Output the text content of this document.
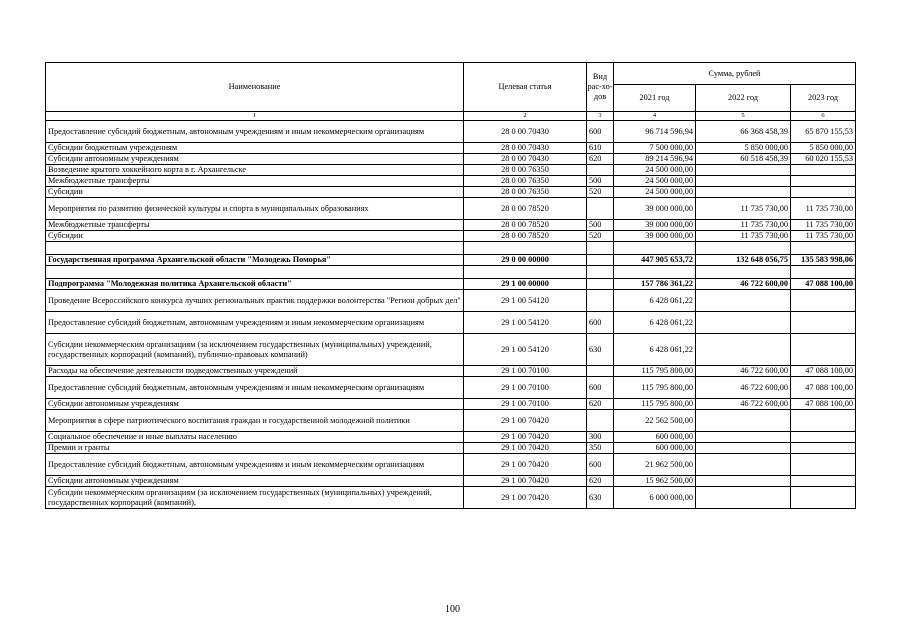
Наименование	Целевая статья	Вид рас-хо-дов	Сумма, рублей		
			2021 год	2022 год	2023 год
1	2	3	4	5	6
Предоставление субсидий бюджетным, автономным учреждениям и иным некоммерческим организациям	28 0 00 70430	600	96 714 596,94	66 368 458,39	65 870 155,53
Субсидии бюджетным учреждениям	28 0 00 70430	610	7 500 000,00	5 850 000,00	5 850 000,00
Субсидии автономным учреждениям	28 0 00 70430	620	89 214 596,94	60 518 458,39	60 020 155,53
Возведение крытого хоккейного корта в г. Архангельске	28 0 00 76350		24 500 000,00		
Межбюджетные трансферты	28 0 00 76350	500	24 500 000,00		
Субсидии	28 0 00 76350	520	24 500 000,00		
Мероприятия по развитию физической культуры и спорта в муниципальных образованиях	28 0 00 78520		39 000 000,00	11 735 730,00	11 735 730,00
Межбюджетные трансферты	28 0 00 78520	500	39 000 000,00	11 735 730,00	11 735 730,00
Субсидии	28 0 00 78520	520	39 000 000,00	11 735 730,00	11 735 730,00

Государственная программа Архангельской области "Молодежь Поморья"	29 0 00 00000		447 905 653,72	132 648 056,75	135 583 998,06

Подпрограмма "Молодежная политика Архангельской области"	29 1 00 00000		157 786 361,22	46 722 600,00	47 088 100,00
Проведение Всероссийского конкурса лучших региональных практик поддержки волонтерства "Регион добрых дел"	29 1 00 54120		6 428 061,22		
Предоставление субсидий бюджетным, автономным учреждениям и иным некоммерческим организациям	29 1 00 54120	600	6 428 061,22		
Субсидии некоммерческим организациям (за исключением государственных (муниципальных) учреждений, государственных корпораций (компаний), публично-правовых компаний)	29 1 00 54120	630	6 428 061,22		
Расходы на обеспечение деятельности подведомственных учреждений	29 1 00 70100		115 795 800,00	46 722 600,00	47 088 100,00
Предоставление субсидий бюджетным, автономным учреждениям и иным некоммерческим организациям	29 1 00 70100	600	115 795 800,00	46 722 600,00	47 088 100,00
Субсидии автономным учреждениям	29 1 00 70100	620	115 795 800,00	46 722 600,00	47 088 100,00
Мероприятия в сфере патриотического воспитания граждан и государственной молодежной политики	29 1 00 70420		22 562 500,00		
Социальное обеспечение и иные выплаты населению	29 1 00 70420	300	600 000,00		
Премии и гранты	29 1 00 70420	350	600 000,00		
Предоставление субсидий бюджетным, автономным учреждениям и иным некоммерческим организациям	29 1 00 70420	600	21 962 500,00		
Субсидии автономным учреждениям	29 1 00 70420	620	15 962 500,00		
Субсидии некоммерческим организациям (за исключением государственных (муниципальных) учреждений, государственных корпораций (компаний),	29 1 00 70420	630	6 000 000,00		
100
